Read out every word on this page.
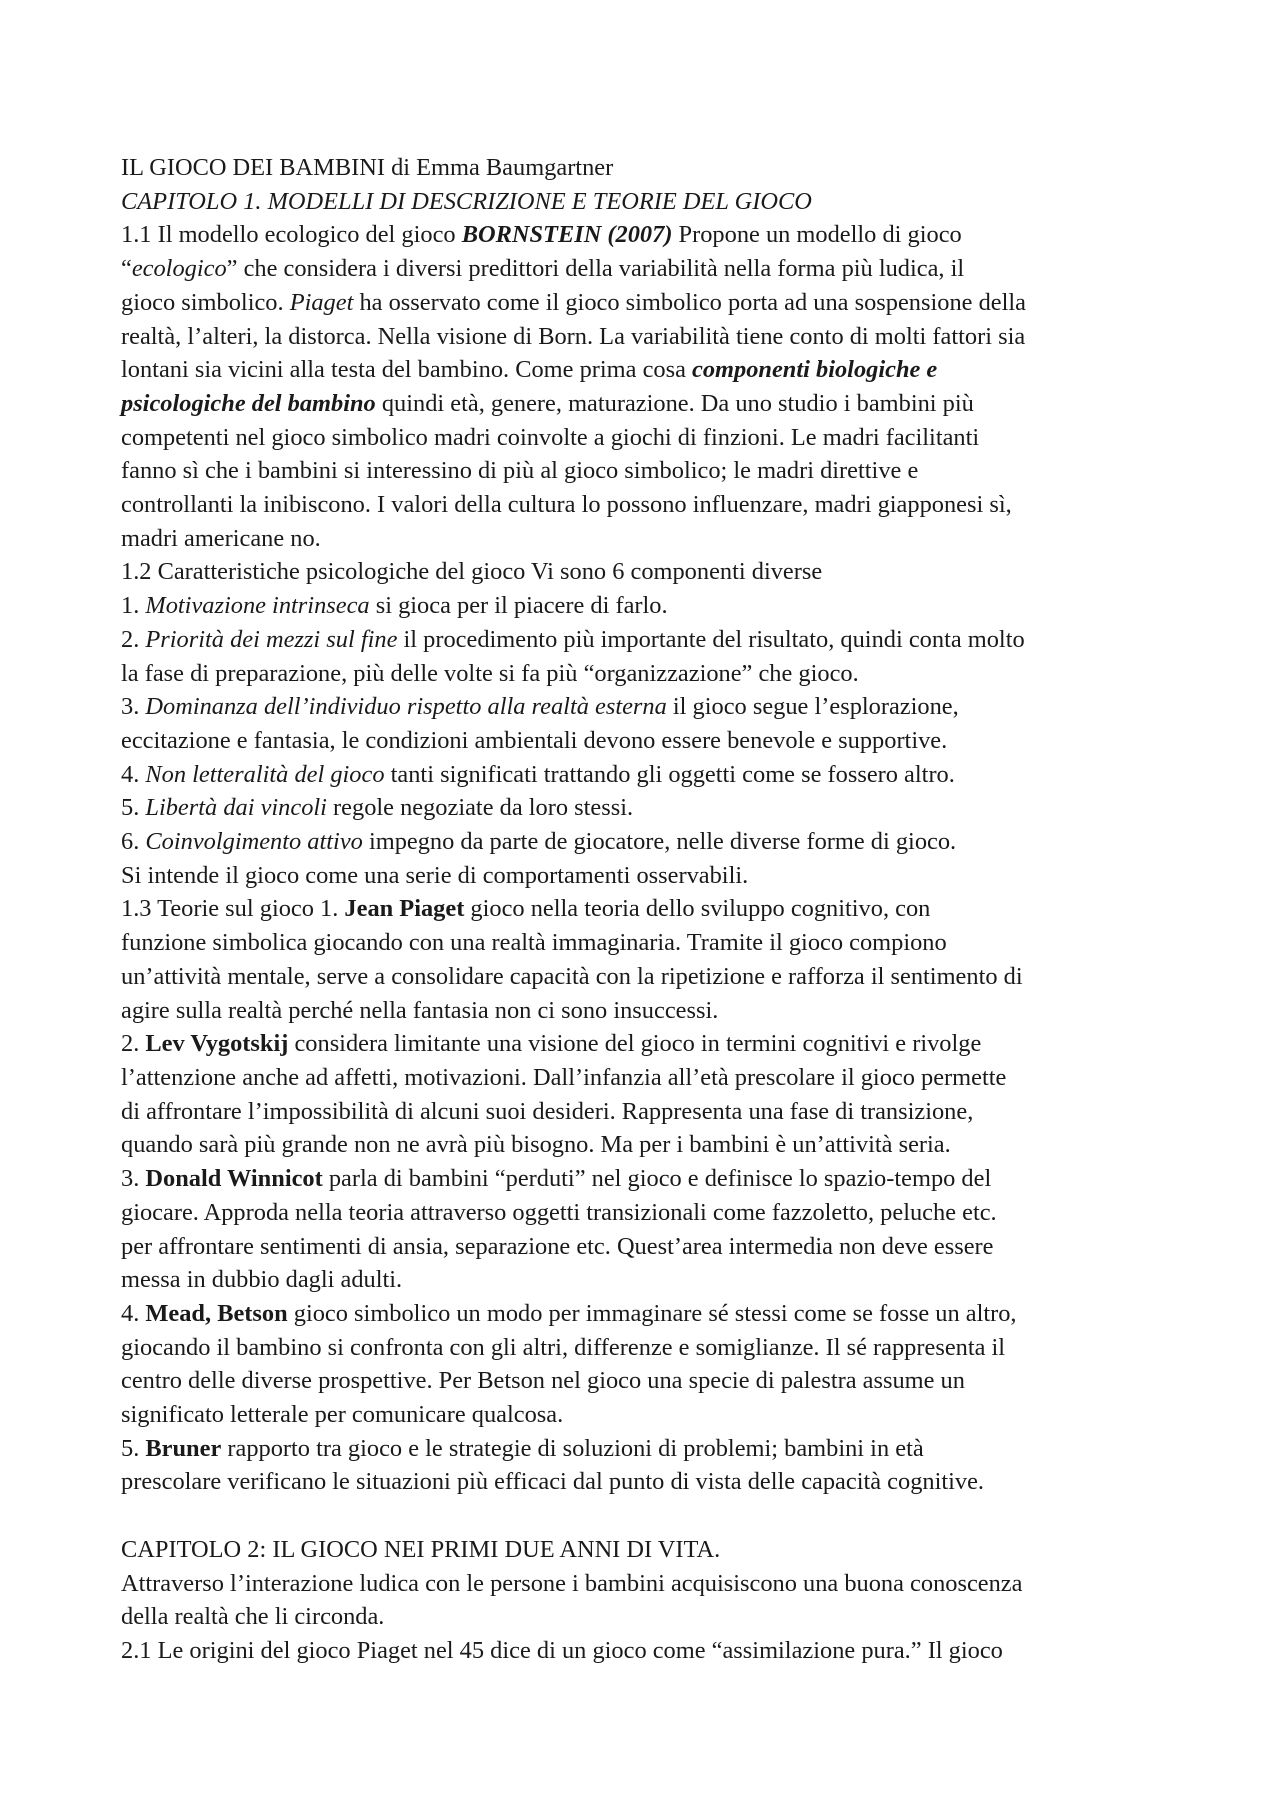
IL GIOCO DEI BAMBINI di Emma Baumgartner
CAPITOLO 1. MODELLI DI DESCRIZIONE E TEORIE DEL GIOCO
1.1 Il modello ecologico del gioco BORNSTEIN (2007) Propone un modello di gioco
“ecologico” che considera i diversi predittori della variabilità nella forma più ludica, il
gioco simbolico. Piaget ha osservato come il gioco simbolico porta ad una sospensione della
realtà, l’alteri, la distorca. Nella visione di Born. La variabilità tiene conto di molti fattori sia
lontani sia vicini alla testa del bambino. Come prima cosa componenti biologiche e
psicologiche del bambino quindi età, genere, maturazione. Da uno studio i bambini più
competenti nel gioco simbolico madri coinvolte a giochi di finzioni. Le madri facilitanti
fanno sì che i bambini si interessino di più al gioco simbolico; le madri direttive e
controllanti la inibiscono. I valori della cultura lo possono influenzare, madri giapponesi sì,
madri americane no.
1.2 Caratteristiche psicologiche del gioco Vi sono 6 componenti diverse
1. Motivazione intrinseca si gioca per il piacere di farlo.
2. Priorità dei mezzi sul fine il procedimento più importante del risultato, quindi conta molto
la fase di preparazione, più delle volte si fa più “organizzazione” che gioco.
3. Dominanza dell’individuo rispetto alla realtà esterna il gioco segue l’esplorazione,
eccitazione e fantasia, le condizioni ambientali devono essere benevole e supportive.
4. Non letteralità del gioco tanti significati trattando gli oggetti come se fossero altro.
5. Libertà dai vincoli regole negoziate da loro stessi.
6. Coinvolgimento attivo impegno da parte de giocatore, nelle diverse forme di gioco.
Si intende il gioco come una serie di comportamenti osservabili.
1.3 Teorie sul gioco 1. Jean Piaget gioco nella teoria dello sviluppo cognitivo, con
funzione simbolica giocando con una realtà immaginaria. Tramite il gioco compiono
un’attività mentale, serve a consolidare capacità con la ripetizione e rafforza il sentimento di
agire sulla realtà perché nella fantasia non ci sono insuccessi.
2. Lev Vygotskij considera limitante una visione del gioco in termini cognitivi e rivolge
l’attenzione anche ad affetti, motivazioni. Dall’infanzia all’età prescolare il gioco permette
di affrontare l’impossibilità di alcuni suoi desideri. Rappresenta una fase di transizione,
quando sarà più grande non ne avrà più bisogno. Ma per i bambini è un’attività seria.
3. Donald Winnicot parla di bambini “perduti” nel gioco e definisce lo spazio-tempo del
giocare. Approda nella teoria attraverso oggetti transizionali come fazzoletto, peluche etc.
per affrontare sentimenti di ansia, separazione etc. Quest’area intermedia non deve essere
messa in dubbio dagli adulti.
4. Mead, Betson gioco simbolico un modo per immaginare sé stessi come se fosse un altro,
giocando il bambino si confronta con gli altri, differenze e somiglianze. Il sé rappresenta il
centro delle diverse prospettive. Per Betson nel gioco una specie di palestra assume un
significato letterale per comunicare qualcosa.
5. Bruner rapporto tra gioco e le strategie di soluzioni di problemi; bambini in età
prescolare verificano le situazioni più efficaci dal punto di vista delle capacità cognitive.
CAPITOLO 2: IL GIOCO NEI PRIMI DUE ANNI DI VITA.
Attraverso l’interazione ludica con le persone i bambini acquisiscono una buona conoscenza
della realtà che li circonda.
2.1 Le origini del gioco Piaget nel 45 dice di un gioco come “assimilazione pura.” Il gioco
